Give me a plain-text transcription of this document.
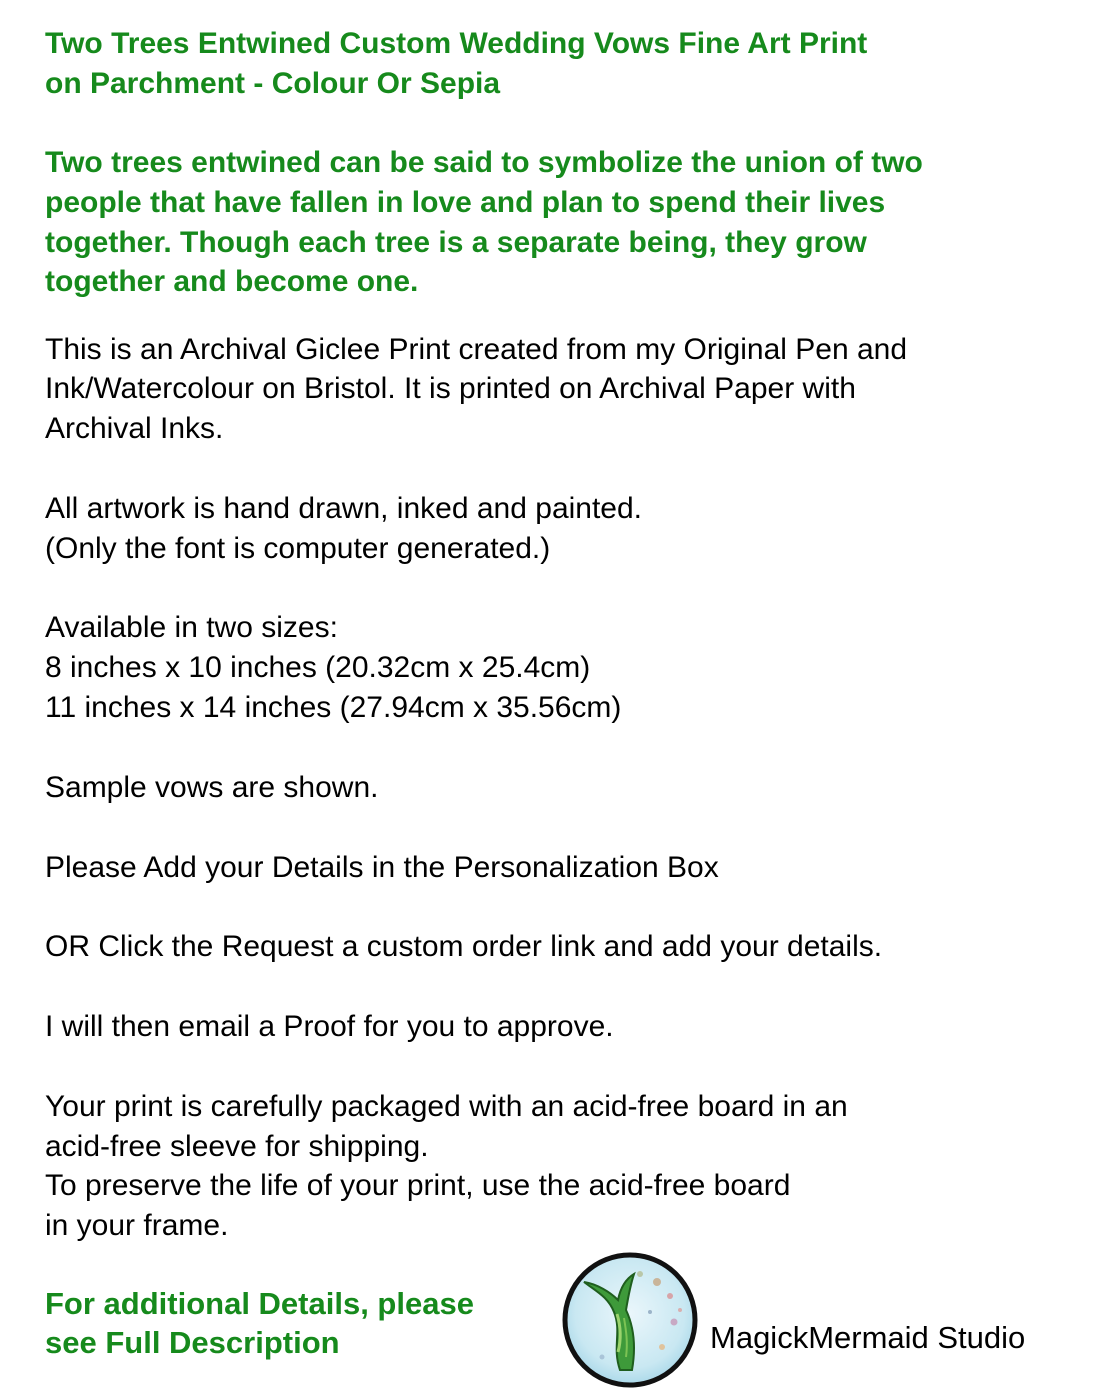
Two Trees Entwined Custom Wedding Vows Fine Art Print
on Parchment - Colour Or Sepia
Two trees entwined can be said to symbolize the union of two
people that have fallen in love and plan to spend their lives
together. Though each tree is a separate being, they grow
together and become one.
This is an Archival Giclee Print created from my Original Pen and
Ink/Watercolour on Bristol. It is printed on Archival Paper with
Archival Inks.
All artwork is hand drawn, inked and painted.
(Only the font is computer generated.)
Available in two sizes:
8 inches x 10 inches (20.32cm x 25.4cm)
11 inches x 14 inches (27.94cm x 35.56cm)
Sample vows are shown.
Please Add your Details in the Personalization Box
OR Click the Request a custom order link and add your details.
I will then email a Proof for you to approve.
Your print is carefully packaged with an acid-free board in an
acid-free sleeve for shipping.
To preserve the life of your print, use the acid-free board
in your frame.
For additional Details, please
see Full Description	MagickMermaid Studio
